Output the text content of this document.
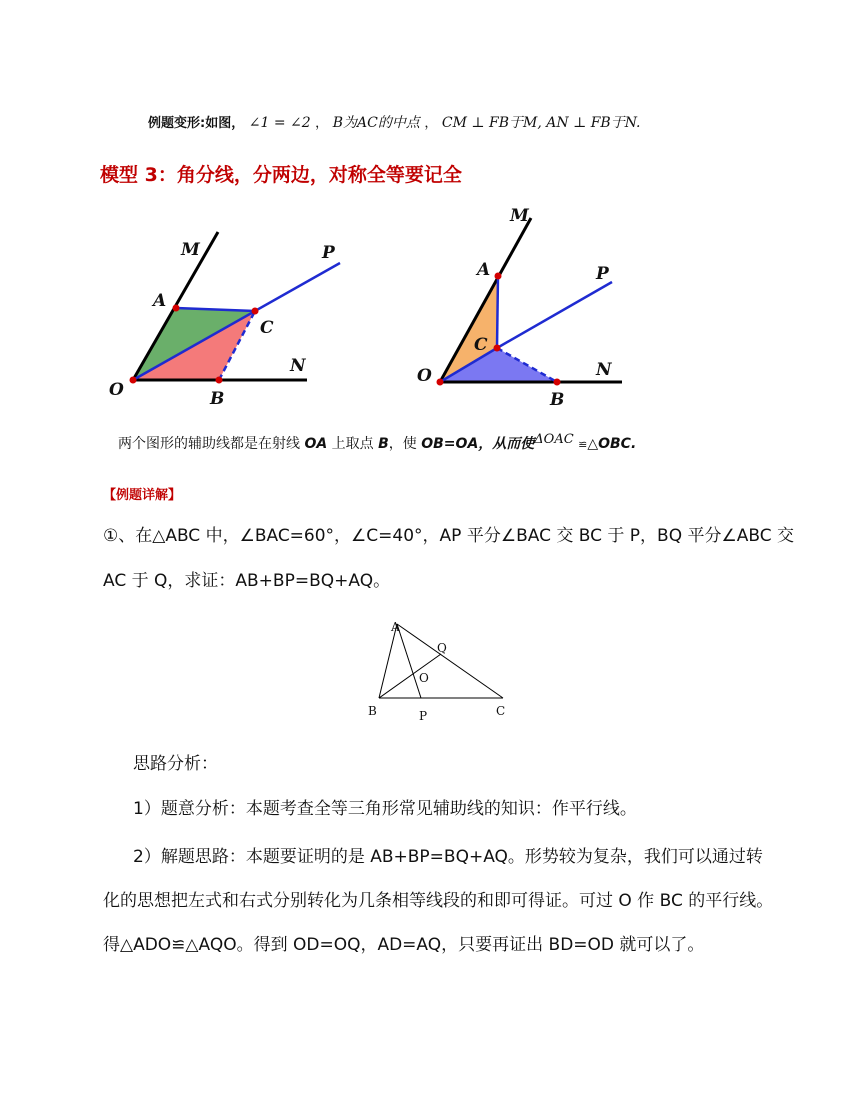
例题变形:如图， ∠1 = ∠2 ， B为AC的中点 ， CM ⊥ FB于M, AN ⊥ FB于N.
模型 3：角分线，分两边，对称全等要记全
M	P
A
C
N
O	B
M
A	P
C
O	N
B
两个图形的辅助线都是在射线 OA 上取点 B，使 OB=OA，从而使ΔOAC ≌△OBC.
【例题详解】
①、在△ABC 中，∠BAC=60°，∠C=40°，AP 平分∠BAC 交 BC 于 P，BQ 平分∠ABC 交
AC 于 Q，求证：AB+BP=BQ+AQ。
A
Q
O
B	P	C
思路分析：
1）题意分析：本题考查全等三角形常见辅助线的知识：作平行线。
2）解题思路：本题要证明的是 AB+BP=BQ+AQ。形势较为复杂，我们可以通过转
化的思想把左式和右式分别转化为几条相等线段的和即可得证。可过 O 作 BC 的平行线。
得△ADO≌△AQO。得到 OD=OQ，AD=AQ，只要再证出 BD=OD 就可以了。
